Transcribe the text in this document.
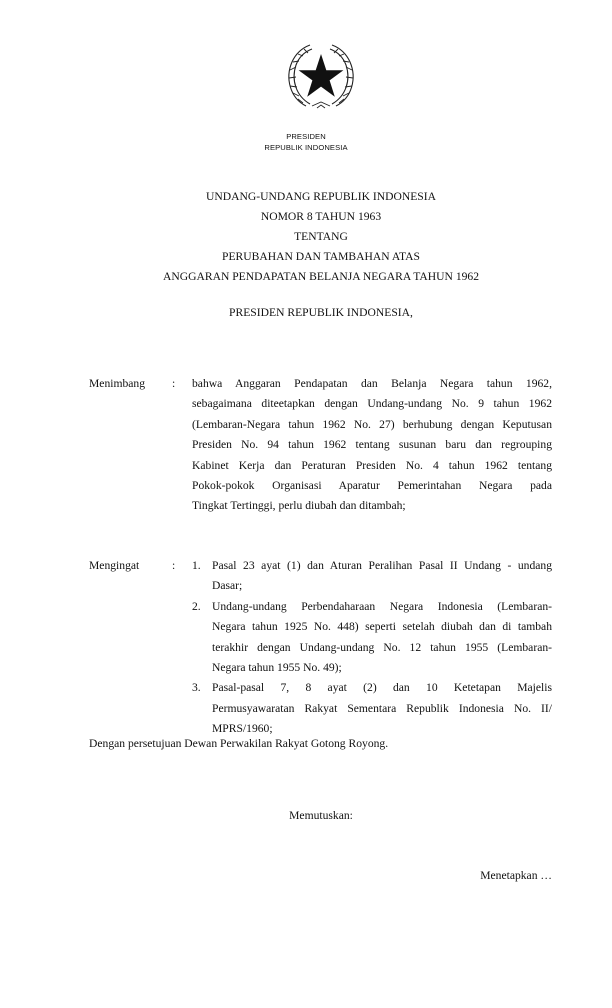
PRESIDEN
REPUBLIK INDONESIA
UNDANG-UNDANG REPUBLIK INDONESIA
NOMOR 8 TAHUN 1963
TENTANG
PERUBAHAN DAN TAMBAHAN ATAS
ANGGARAN PENDAPATAN BELANJA NEGARA TAHUN 1962
PRESIDEN REPUBLIK INDONESIA,
Menimbang : bahwa Anggaran Pendapatan dan Belanja Negara tahun 1962,
sebagaimana diteetapkan dengan Undang-undang No. 9 tahun 1962
(Lembaran-Negara tahun 1962 No. 27) berhubung dengan Keputusan
Presiden No. 94 tahun 1962 tentang susunan baru dan regrouping
Kabinet Kerja dan Peraturan Presiden No. 4 tahun 1962 tentang
Pokok-pokok Organisasi Aparatur Pemerintahan Negara pada
Tingkat Tertinggi, perlu diubah dan ditambah;
Mengingat	: 1. Pasal 23 ayat (1) dan Aturan Peralihan Pasal II Undang - undang
Dasar;
2. Undang-undang Perbendaharaan Negara Indonesia (Lembaran-
Negara tahun 1925 No. 448) seperti setelah diubah dan di tambah
terakhir dengan Undang-undang No. 12 tahun 1955 (Lembaran-
Negara tahun 1955 No. 49);
3. Pasal-pasal 7, 8 ayat (2) dan 10 Ketetapan Majelis
Permusyawaratan Rakyat Sementara Republik Indonesia No. II/
MPRS/1960;
Dengan persetujuan Dewan Perwakilan Rakyat Gotong Royong.
Memutuskan:
Menetapkan …
